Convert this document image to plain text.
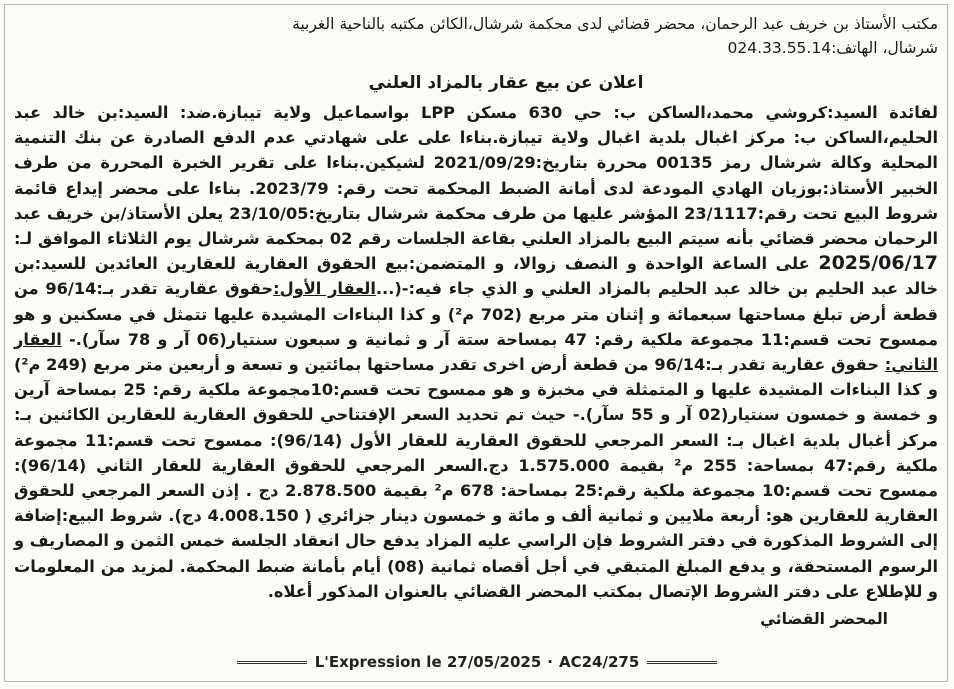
مكتب الأستاذ بن خريف عبد الرحمان، محضر قضائي لدى محكمة شرشال،الكائن مكتبه بالناحية الغربية

شرشال، الهاتف:024.33.55.14

اعلان عن بيع عقار بالمزاد العلني

لفائدة السيد:كروشي محمد،الساكن ب: حي 630 مسكن LPP بواسماعيل ولاية تيبازة.ضد: السيد:بن خالد عبد الحليم،الساكن ب: مركز اغبال بلدية اغبال ولاية تيبازة.بناءا على على شهادتي عدم الدفع الصادرة عن بنك التنمية المحلية وكالة شرشال رمز 00135 محررة بتاريخ:2021/09/29 لشيكين.بناءا على تقرير الخبرة المحررة من طرف الخبير الأستاذ:بوزيان الهادي المودعة لدى أمانة الضبط المحكمة تحت رقم: 2023/79. بناءا على محضر إيداع قائمة شروط البيع تحت رقم:23/1117 المؤشر عليها من طرف محكمة شرشال بتاريخ:23/10/05 يعلن الأستاذ/بن خريف عبد الرحمان محضر قضائي بأنه سيتم البيع بالمزاد العلني بقاعة الجلسات رقم 02 بمحكمة شرشال يوم الثلاثاء الموافق لـ: 2025/06/17 على الساعة الواحدة و النصف زوالا، و المتضمن:بيع الحقوق العقارية للعقارين العائدين للسيد:بن خالد عبد الحليم بن خالد عبد الحليم بالمزاد العلني و الذي جاء فيه:-(...العقار الأول:حقوق عقارية تقدر بـ:96/14 من قطعة أرض تبلغ مساحتها سبعمائة و إثنان متر مربع (702 م²) و كذا البناءات المشيدة عليها تتمثل في مسكنين و هو ممسوح تحت قسم:11 مجموعة ملكية رقم: 47 بمساحة ستة آر و ثمانية و سبعون سنتيار(06 آر و 78 سآر).- العقار الثاني: حقوق عقارية تقدر بـ:96/14 من قطعة أرض اخرى تقدر مساحتها بمائتين و تسعة و أربعين متر مربع (249 م²) و كذا البناءات المشيدة عليها و المتمثلة في مخبزة و هو ممسوح تحت قسم:10مجموعة ملكية رقم: 25 بمساحة آرين و خمسة و خمسون سنتيار(02 آر و 55 سآر).- حيث تم تحديد السعر الإفتتاحي للحقوق العقارية للعقارين الكائنين بـ: مركز أغبال بلدية اغبال بـ: السعر المرجعي للحقوق العقارية للعقار الأول (96/14): ممسوح تحت قسم:11 مجموعة ملكية رقم:47 بمساحة: 255 م² بقيمة 1.575.000 دج.السعر المرجعي للحقوق العقارية للعقار الثاني (96/14): ممسوح تحت قسم:10 مجموعة ملكية رقم:25 بمساحة: 678 م² بقيمة 2.878.500 دج . إذن السعر المرجعي للحقوق العقارية للعقارين هو: أربعة ملايين و ثمانية ألف و مائة و خمسون دينار جزائري ( 4.008.150 دج). شروط البيع:إضافة إلى الشروط المذكورة في دفتر الشروط فإن الراسي عليه المزاد يدفع حال انعقاد الجلسة خمس الثمن و المصاريف و الرسوم المستحقة، و يدفع المبلغ المتبقي في أجل أقصاه ثمانية (08) أيام بأمانة ضبط المحكمة. لمزيد من المعلومات و للإطلاع على دفتر الشروط الإتصال بمكتب المحضر القضائي بالعنوان المذكور أعلاه.

المحضر القضائي

L'Expression le 27/05/2025 · AC24/275
